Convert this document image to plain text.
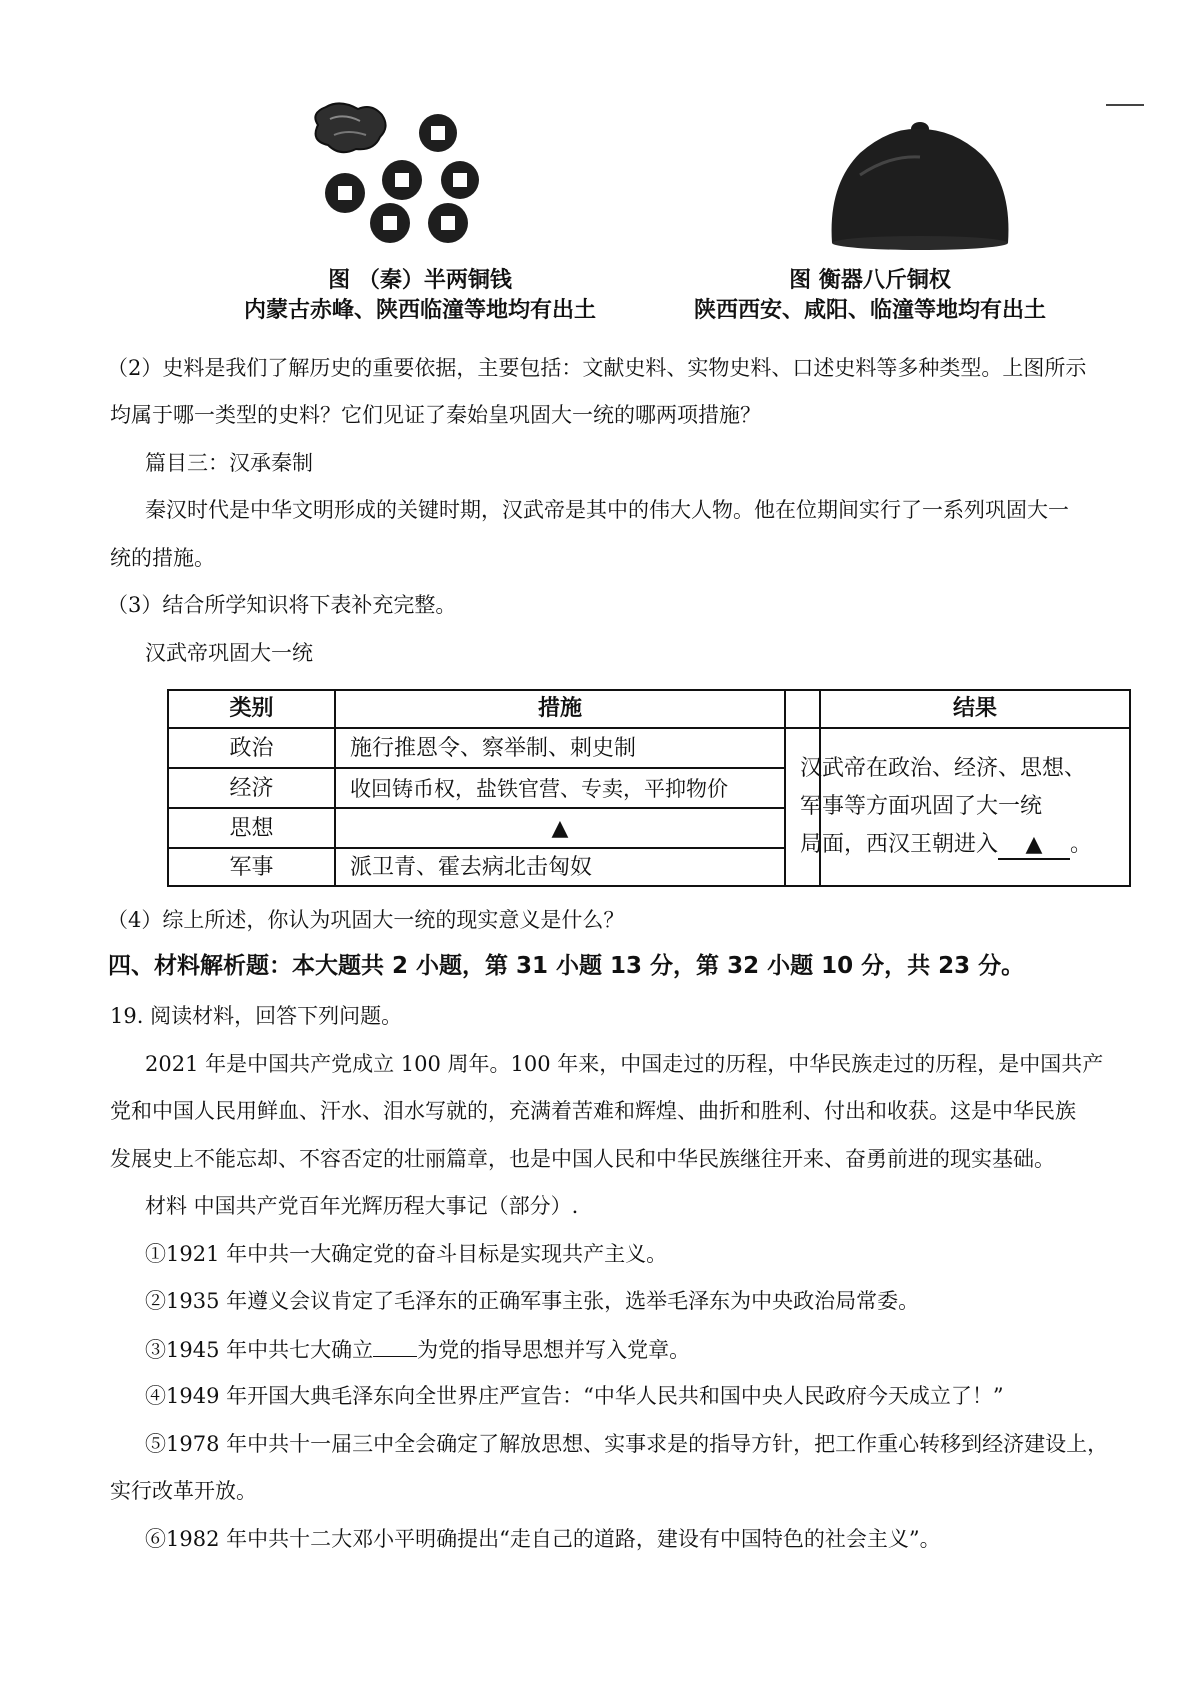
图 （秦）半两铜钱
内蒙古赤峰、陕西临潼等地均有出土
图 衡器八斤铜权
陕西西安、咸阳、临潼等地均有出土
（2）史料是我们了解历史的重要依据，主要包括：文献史料、实物史料、口述史料等多种类型。上图所示
均属于哪一类型的史料？它们见证了秦始皇巩固大一统的哪两项措施？
篇目三：汉承秦制
秦汉时代是中华文明形成的关键时期，汉武帝是其中的伟大人物。他在位期间实行了一系列巩固大一
统的措施。
（3）结合所学知识将下表补充完整。
汉武帝巩固大一统
类别	措施	结果
政治	施行推恩令、察举制、刺史制
经济	收回铸币权，盐铁官营、专卖，平抑物价
思想	▲
军事	派卫青、霍去病北击匈奴
汉武帝在政治、经济、思想、
军事等方面巩固了大一统
局面，西汉王朝进入 ▲ 。
（4）综上所述，你认为巩固大一统的现实意义是什么？
四、材料解析题：本大题共 2 小题，第 31 小题 13 分，第 32 小题 10 分，共 23 分。
19. 阅读材料，回答下列问题。
2021 年是中国共产党成立 100 周年。100 年来，中国走过的历程，中华民族走过的历程，是中国共产
党和中国人民用鲜血、汗水、泪水写就的，充满着苦难和辉煌、曲折和胜利、付出和收获。这是中华民族
发展史上不能忘却、不容否定的壮丽篇章，也是中国人民和中华民族继往开来、奋勇前进的现实基础。
材料 中国共产党百年光辉历程大事记（部分）.
①1921 年中共一大确定党的奋斗目标是实现共产主义。
②1935 年遵义会议肯定了毛泽东的正确军事主张，选举毛泽东为中央政治局常委。
③1945 年中共七大确立 为党的指导思想并写入党章。
④1949 年开国大典毛泽东向全世界庄严宣告：“中华人民共和国中央人民政府今天成立了！”
⑤1978 年中共十一届三中全会确定了解放思想、实事求是的指导方针，把工作重心转移到经济建设上，
实行改革开放。
⑥1982 年中共十二大邓小平明确提出“走自己的道路，建设有中国特色的社会主义”。
